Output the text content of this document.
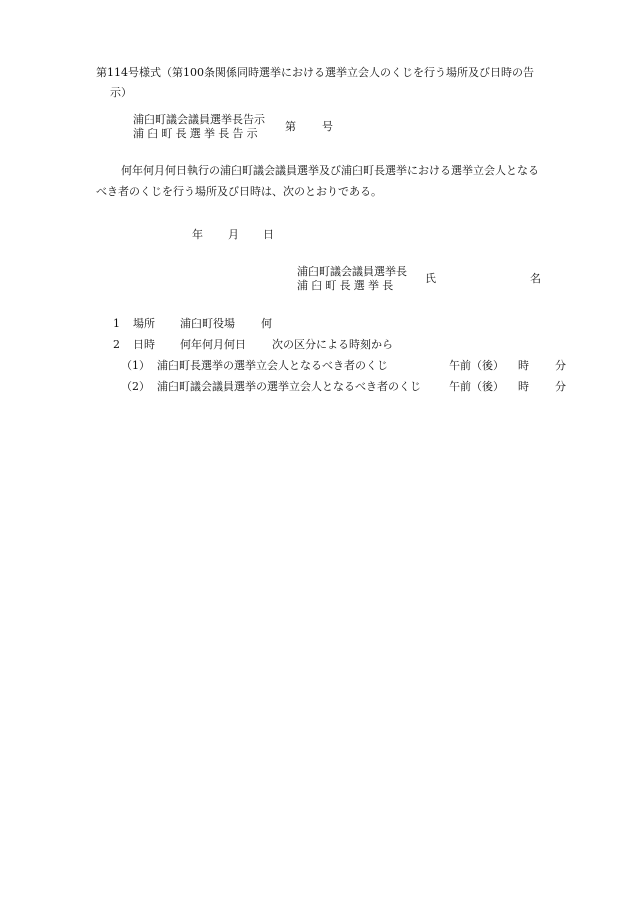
第114号様式（第100条関係同時選挙における選挙立会人のくじを行う場所及び日時の告
示）
浦臼町議会議員選挙長告示
浦臼町長選挙長告示
第 号
何年何月何日執行の浦臼町議会議員選挙及び浦臼町長選挙における選挙立会人となる
べき者のくじを行う場所及び日時は、次のとおりである。
年 月 日
浦臼町議会議員選挙長
浦臼町長選挙長
氏	名
1 場所 浦臼町役場 何
2 日時 何年何月何日 次の区分による時刻から
（1） 浦臼町長選挙の選挙立会人となるべき者のくじ	午前（後） 時 分
（2） 浦臼町議会議員選挙の選挙立会人となるべき者のくじ	午前（後） 時 分
